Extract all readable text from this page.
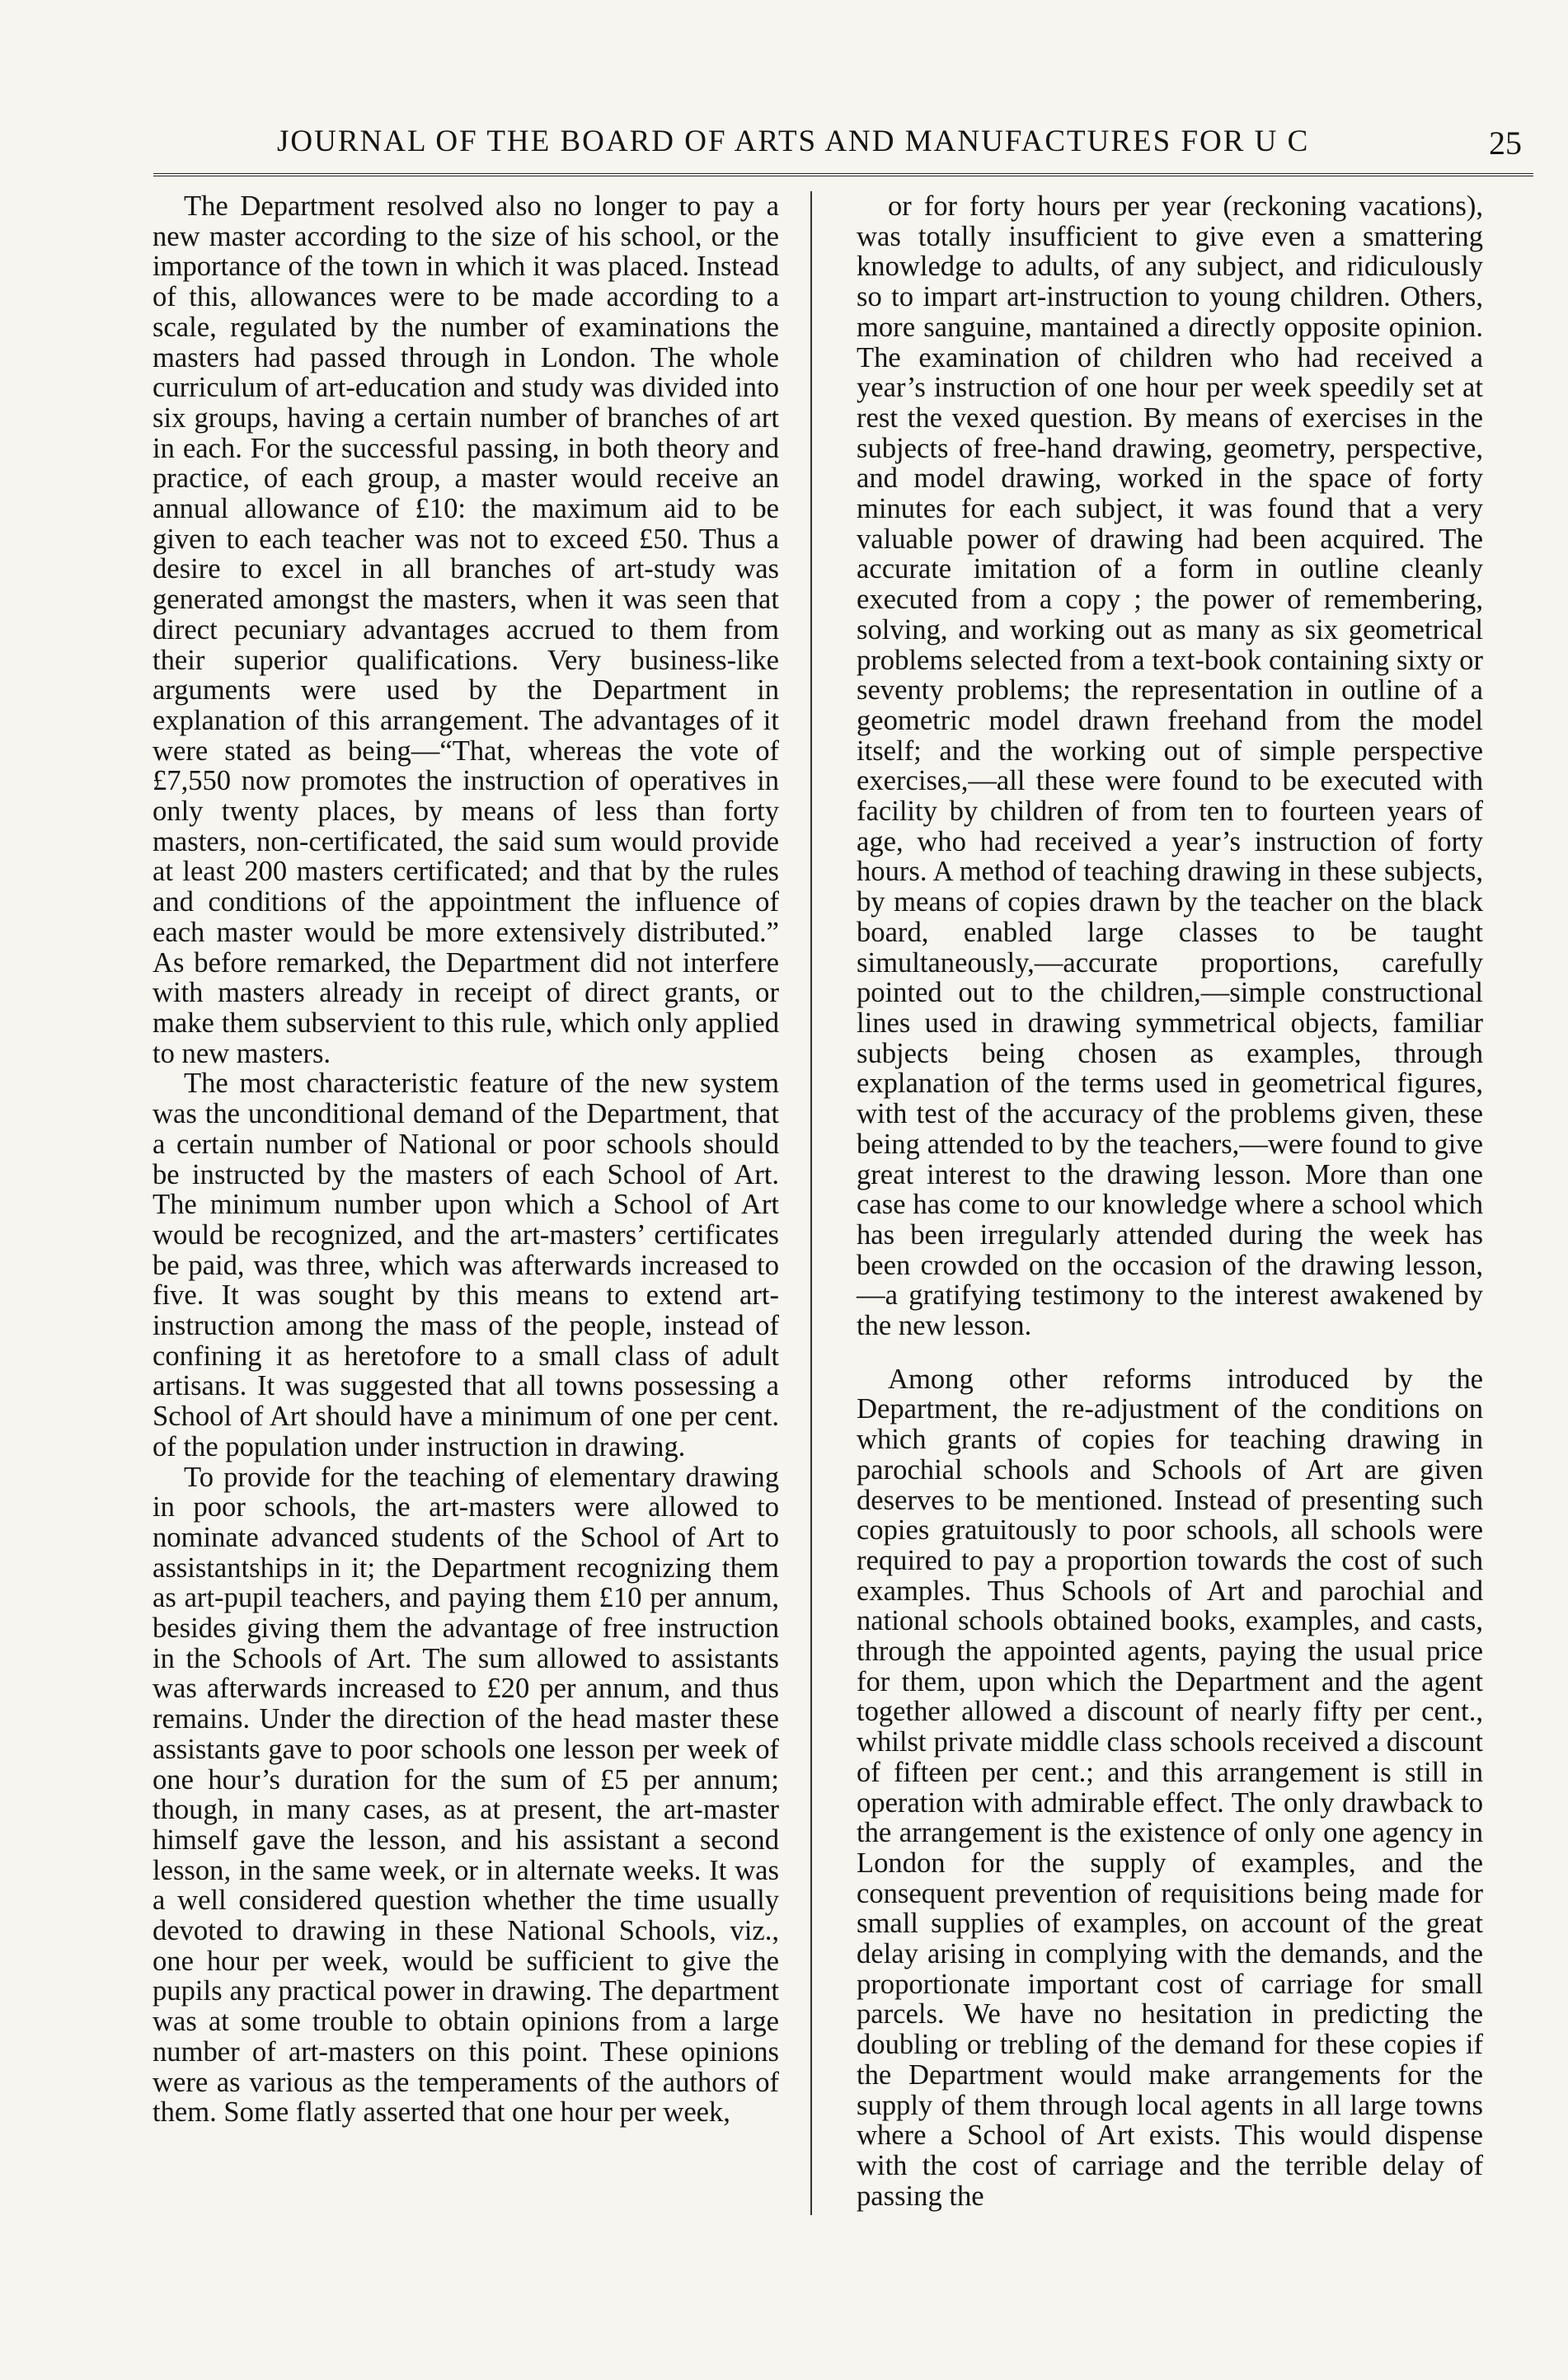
JOURNAL OF THE BOARD OF ARTS AND MANUFACTURES FOR U C	25

The Department resolved also no longer to pay a new master according to the size of his school, or the importance of the town in which it was placed. Instead of this, allowances were to be made according to a scale, regulated by the number of examinations the masters had passed through in London. The whole curriculum of art-education and study was divided into six groups, having a certain number of branches of art in each. For the successful passing, in both theory and practice, of each group, a master would receive an annual allowance of £10: the maximum aid to be given to each teacher was not to exceed £50. Thus a desire to excel in all branches of art-study was generated amongst the masters, when it was seen that direct pecuniary advantages accrued to them from their superior qualifications. Very business-like arguments were used by the Department in explanation of this arrangement. The advantages of it were stated as being—“That, whereas the vote of £7,550 now promotes the instruction of operatives in only twenty places, by means of less than forty masters, non-certificated, the said sum would provide at least 200 masters certificated; and that by the rules and conditions of the appointment the influence of each master would be more extensively distributed.” As before remarked, the Department did not interfere with masters already in receipt of direct grants, or make them subservient to this rule, which only applied to new masters.

The most characteristic feature of the new system was the unconditional demand of the Department, that a certain number of National or poor schools should be instructed by the masters of each School of Art. The minimum number upon which a School of Art would be recognized, and the art-masters’ certificates be paid, was three, which was afterwards increased to five. It was sought by this means to extend art-instruction among the mass of the people, instead of confining it as heretofore to a small class of adult artisans. It was suggested that all towns possessing a School of Art should have a minimum of one per cent. of the population under instruction in drawing.

To provide for the teaching of elementary drawing in poor schools, the art-masters were allowed to nominate advanced students of the School of Art to assistantships in it; the Department recognizing them as art-pupil teachers, and paying them £10 per annum, besides giving them the advantage of free instruction in the Schools of Art. The sum allowed to assistants was afterwards increased to £20 per annum, and thus remains. Under the direction of the head master these assistants gave to poor schools one lesson per week of one hour’s duration for the sum of £5 per annum; though, in many cases, as at present, the art-master himself gave the lesson, and his assistant a second lesson, in the same week, or in alternate weeks. It was a well considered question whether the time usually devoted to drawing in these National Schools, viz., one hour per week, would be sufficient to give the pupils any practical power in drawing. The department was at some trouble to obtain opinions from a large number of art-masters on this point. These opinions were as various as the temperaments of the authors of them. Some flatly asserted that one hour per week,

or for forty hours per year (reckoning vacations), was totally insufficient to give even a smattering knowledge to adults, of any subject, and ridiculously so to impart art-instruction to young children. Others, more sanguine, mantained a directly opposite opinion. The examination of children who had received a year’s instruction of one hour per week speedily set at rest the vexed question. By means of exercises in the subjects of free-hand drawing, geometry, perspective, and model drawing, worked in the space of forty minutes for each subject, it was found that a very valuable power of drawing had been acquired. The accurate imitation of a form in outline cleanly executed from a copy ; the power of remembering, solving, and working out as many as six geometrical problems selected from a text-book containing sixty or seventy problems; the representation in outline of a geometric model drawn freehand from the model itself; and the working out of simple perspective exercises,—all these were found to be executed with facility by children of from ten to fourteen years of age, who had received a year’s instruction of forty hours. A method of teaching drawing in these subjects, by means of copies drawn by the teacher on the black board, enabled large classes to be taught simultaneously,—accurate proportions, carefully pointed out to the children,—simple constructional lines used in drawing symmetrical objects, familiar subjects being chosen as examples, through explanation of the terms used in geometrical figures, with test of the accuracy of the problems given, these being attended to by the teachers,—were found to give great interest to the drawing lesson. More than one case has come to our knowledge where a school which has been irregularly attended during the week has been crowded on the occasion of the drawing lesson,—a gratifying testimony to the interest awakened by the new lesson.

Among other reforms introduced by the Department, the re-adjustment of the conditions on which grants of copies for teaching drawing in parochial schools and Schools of Art are given deserves to be mentioned. Instead of presenting such copies gratuitously to poor schools, all schools were required to pay a proportion towards the cost of such examples. Thus Schools of Art and parochial and national schools obtained books, examples, and casts, through the appointed agents, paying the usual price for them, upon which the Department and the agent together allowed a discount of nearly fifty per cent., whilst private middle class schools received a discount of fifteen per cent.; and this arrangement is still in operation with admirable effect. The only drawback to the arrangement is the existence of only one agency in London for the supply of examples, and the consequent prevention of requisitions being made for small supplies of examples, on account of the great delay arising in complying with the demands, and the proportionate important cost of carriage for small parcels. We have no hesitation in predicting the doubling or trebling of the demand for these copies if the Department would make arrangements for the supply of them through local agents in all large towns where a School of Art exists. This would dispense with the cost of carriage and the terrible delay of passing the
